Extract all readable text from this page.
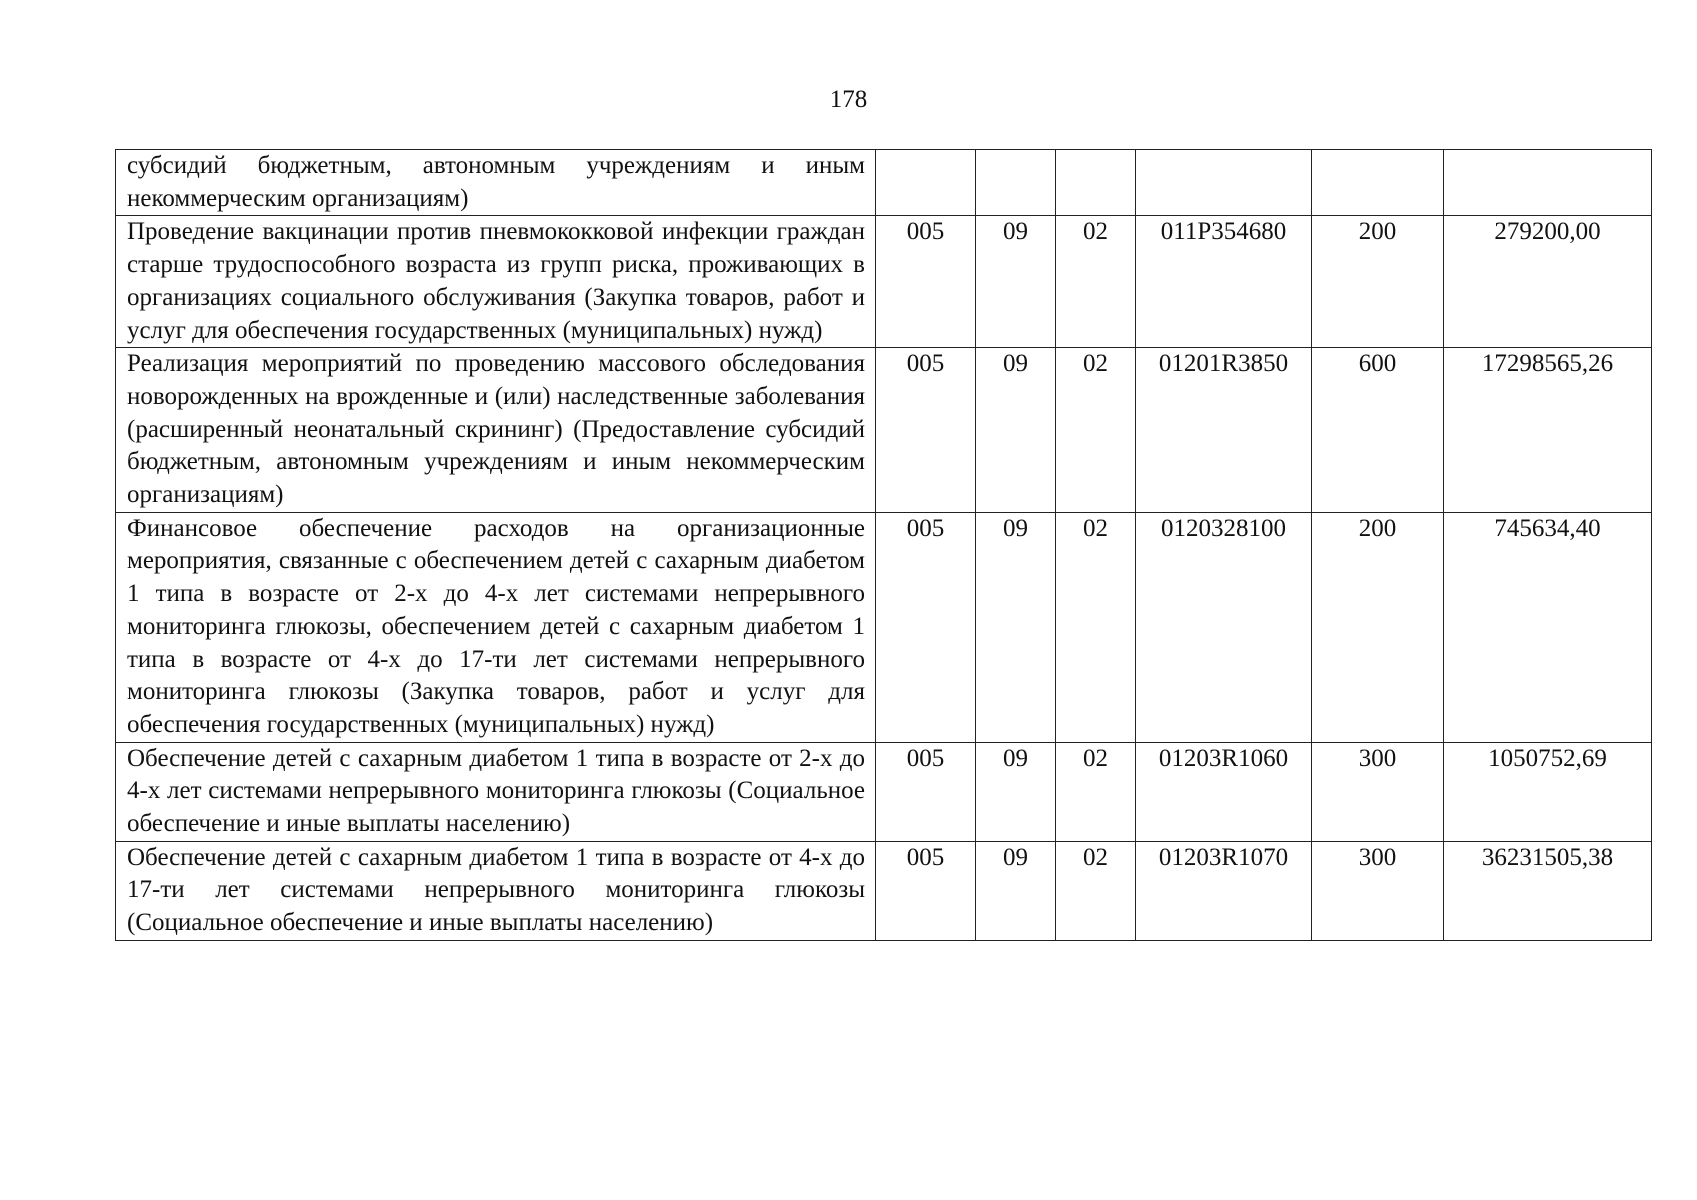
178
субсидий бюджетным, автономным учреждениям и иным некоммерческим организациям)						
Проведение вакцинации против пневмококковой инфекции граждан старше трудоспособного возраста из групп риска, проживающих в организациях социального обслуживания (Закупка товаров, работ и услуг для обеспечения государственных (муниципальных) нужд)	005	09	02	011P354680	200	279200,00
Реализация мероприятий по проведению массового обследования новорожденных на врожденные и (или) наследственные заболевания (расширенный неонатальный скрининг) (Предоставление субсидий бюджетным, автономным учреждениям и иным некоммерческим организациям)	005	09	02	01201R3850	600	17298565,26
Финансовое обеспечение расходов на организационные мероприятия, связанные с обеспечением детей с сахарным диабетом 1 типа в возрасте от 2-х до 4-х лет системами непрерывного мониторинга глюкозы, обеспечением детей с сахарным диабетом 1 типа в возрасте от 4-х до 17-ти лет системами непрерывного мониторинга глюкозы (Закупка товаров, работ и услуг для обеспечения государственных (муниципальных) нужд)	005	09	02	0120328100	200	745634,40
Обеспечение детей с сахарным диабетом 1 типа в возрасте от 2-х до 4-х лет системами непрерывного мониторинга глюкозы (Социальное обеспечение и иные выплаты населению)	005	09	02	01203R1060	300	1050752,69
Обеспечение детей с сахарным диабетом 1 типа в возрасте от 4-х до 17-ти лет системами непрерывного мониторинга глюкозы (Социальное обеспечение и иные выплаты населению)	005	09	02	01203R1070	300	36231505,38
